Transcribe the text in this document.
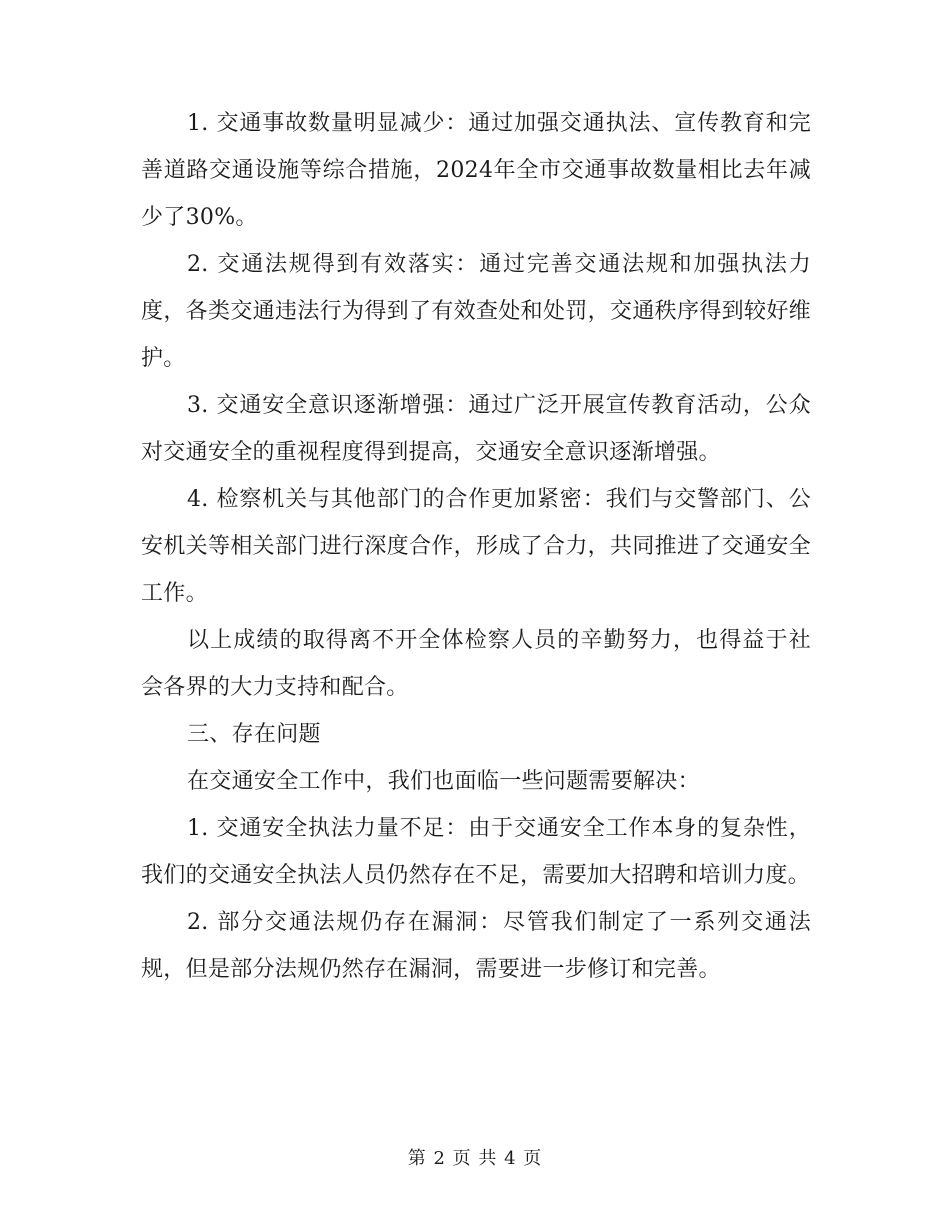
1. 交通事故数量明显减少：通过加强交通执法、宣传教育和完善道路交通设施等综合措施，2024年全市交通事故数量相比去年减少了30%。

2. 交通法规得到有效落实：通过完善交通法规和加强执法力度，各类交通违法行为得到了有效查处和处罚，交通秩序得到较好维护。

3. 交通安全意识逐渐增强：通过广泛开展宣传教育活动，公众对交通安全的重视程度得到提高，交通安全意识逐渐增强。

4. 检察机关与其他部门的合作更加紧密：我们与交警部门、公安机关等相关部门进行深度合作，形成了合力，共同推进了交通安全工作。

以上成绩的取得离不开全体检察人员的辛勤努力，也得益于社会各界的大力支持和配合。

三、存在问题

在交通安全工作中，我们也面临一些问题需要解决：

1. 交通安全执法力量不足：由于交通安全工作本身的复杂性，我们的交通安全执法人员仍然存在不足，需要加大招聘和培训力度。

2. 部分交通法规仍存在漏洞：尽管我们制定了一系列交通法规，但是部分法规仍然存在漏洞，需要进一步修订和完善。

第 2 页 共 4 页
